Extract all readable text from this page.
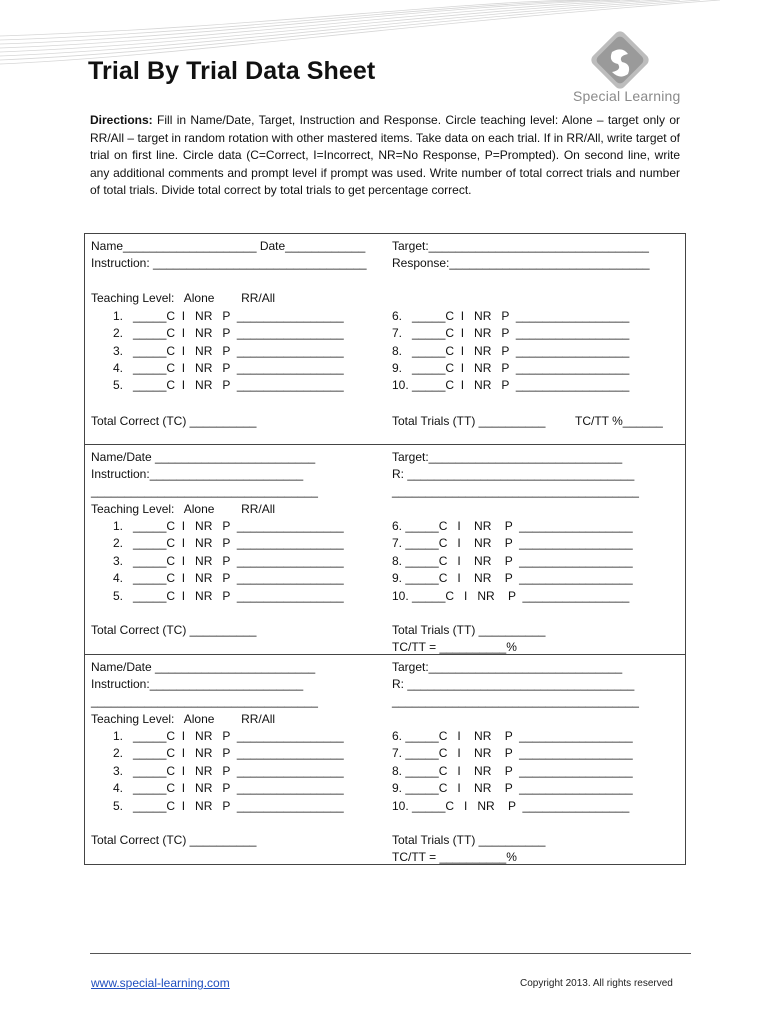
Special Learning
Trial By Trial Data Sheet

Directions: Fill in Name/Date, Target, Instruction and Response. Circle teaching level: Alone – target only or RR/All – target in random rotation with other mastered items. Take data on each trial. If in RR/All, write target of trial on first line. Circle data (C=Correct, I=Incorrect, NR=No Response, P=Prompted). On second line, write any additional comments and prompt level if prompt was used. Write number of total correct trials and number of total trials. Divide total correct by total trials to get percentage correct.

Name____________________ Date____________
Instruction: ________________________________
Target:_________________________________
Response:______________________________
Teaching Level:   Alone        RR/All
1.   _____C  I   NR   P  ________________
2.   _____C  I   NR   P  ________________
3.   _____C  I   NR   P  ________________
4.   _____C  I   NR   P  ________________
5.   _____C  I   NR   P  ________________
6.   _____C  I   NR   P  _________________
7.   _____C  I   NR   P  _________________
8.   _____C  I   NR   P  _________________
9.   _____C  I   NR   P  _________________
10. _____C  I   NR   P  _________________
Total Correct (TC) __________	Total Trials (TT) __________ TC/TT %______
Name/Date ________________________
Instruction:_______________________
__________________________________
Target:_____________________________
R: __________________________________
_____________________________________
Teaching Level:   Alone        RR/All
1.   _____C  I   NR   P  ________________
2.   _____C  I   NR   P  ________________
3.   _____C  I   NR   P  ________________
4.   _____C  I   NR   P  ________________
5.   _____C  I   NR   P  ________________
6. _____C   I    NR    P  _________________
7. _____C   I    NR    P  _________________
8. _____C   I    NR    P  _________________
9. _____C   I    NR    P  _________________
10. _____C   I   NR    P  ________________
Total Correct (TC) __________	Total Trials (TT) __________
TC/TT = __________%
Name/Date ________________________
Instruction:_______________________
__________________________________
Target:_____________________________
R: __________________________________
_____________________________________
Teaching Level:   Alone        RR/All
1.   _____C  I   NR   P  ________________
2.   _____C  I   NR   P  ________________
3.   _____C  I   NR   P  ________________
4.   _____C  I   NR   P  ________________
5.   _____C  I   NR   P  ________________
6. _____C   I    NR    P  _________________
7. _____C   I    NR    P  _________________
8. _____C   I    NR    P  _________________
9. _____C   I    NR    P  _________________
10. _____C   I   NR    P  ________________
Total Correct (TC) __________	Total Trials (TT) __________
TC/TT = __________%
www.special-learning.com	Copyright 2013. All rights reserved
